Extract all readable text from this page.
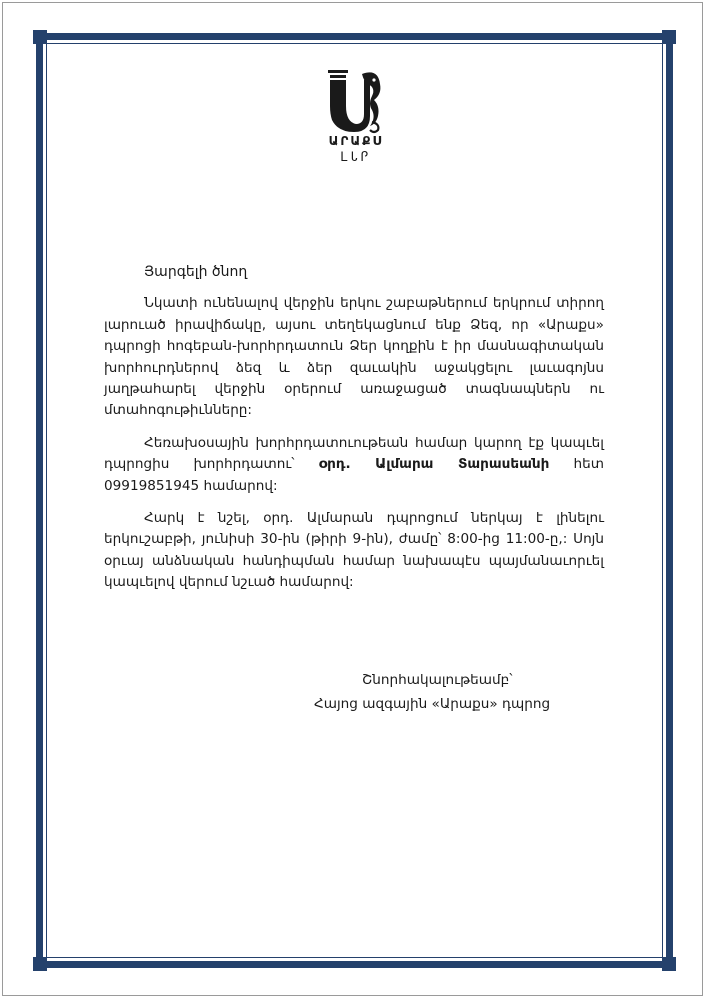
ԱՐԱՔՍ
ᏞᏓᎵ

Յարգելի ծնող

Նկատի ունենալով վերջին երկու շաբաթներում երկրում տիրող լարուած իրավիճակը, այսու տեղեկացնում ենք Ձեզ, որ «Արաքս» դպրոցի հոգեբան-խորհրդատուն Ձեր կողքին է իր մասնագիտական խորհուրդներով ձեզ և ձեր զաւակին աջակցելու լաւագոյնս յաղթահարել վերջին օրերում առաջացած տագնապներն ու մտահոգութիւնները:

Հեռախօսային խորհրդատուութեան համար կարող էք կապւել դպրոցիս խորհրդատու՝ օրդ. Ալմարա Տարասեանի հետ 09919851945 համարով:

Հարկ է նշել, օրդ. Ալմարան դպրոցում ներկայ է լինելու երկուշաբթի, յունիսի 30-ին (թիրի 9-ին), ժամը՝ 8:00-ից 11:00-ը,: Սոյն օրւայ անձնական հանդիպման համար նախապէս պայմանաւորւել կապւելով վերում նշւած համարով:

Շնորհակալութեամբ՝
Հայոց ազգային «Արաքս» դպրոց
